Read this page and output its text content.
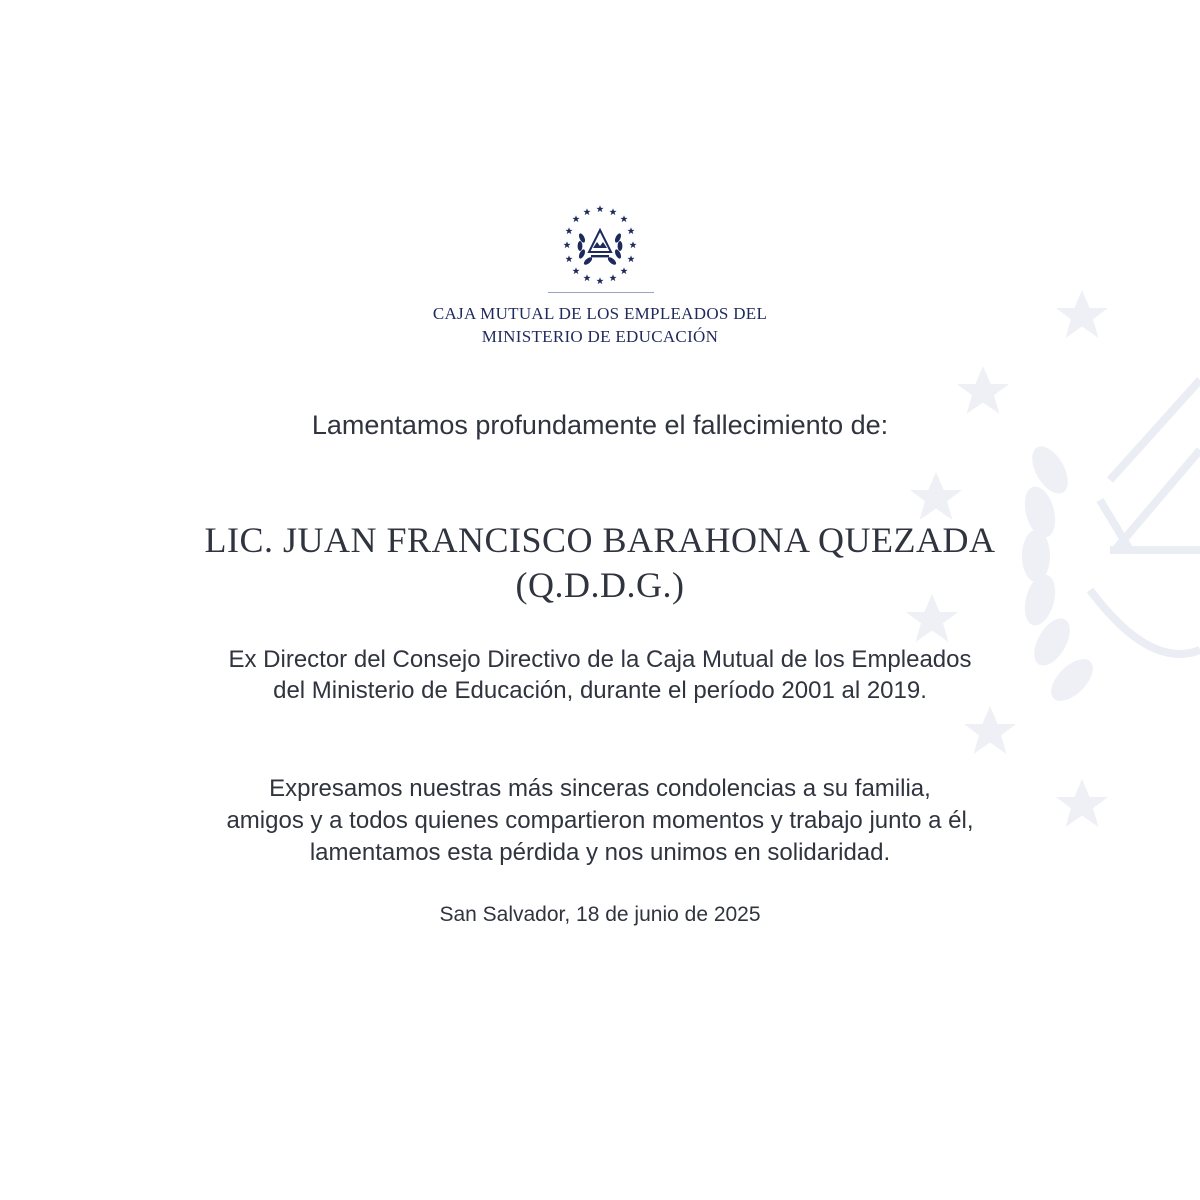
CAJA MUTUAL DE LOS EMPLEADOS DEL
MINISTERIO DE EDUCACIÓN
Lamentamos profundamente el fallecimiento de:
LIC. JUAN FRANCISCO BARAHONA QUEZADA
(Q.D.D.G.)
Ex Director del Consejo Directivo de la Caja Mutual de los Empleados
del Ministerio de Educación, durante el período 2001 al 2019.
Expresamos nuestras más sinceras condolencias a su familia,
amigos y a todos quienes compartieron momentos y trabajo junto a él,
lamentamos esta pérdida y nos unimos en solidaridad.
San Salvador, 18 de junio de 2025
